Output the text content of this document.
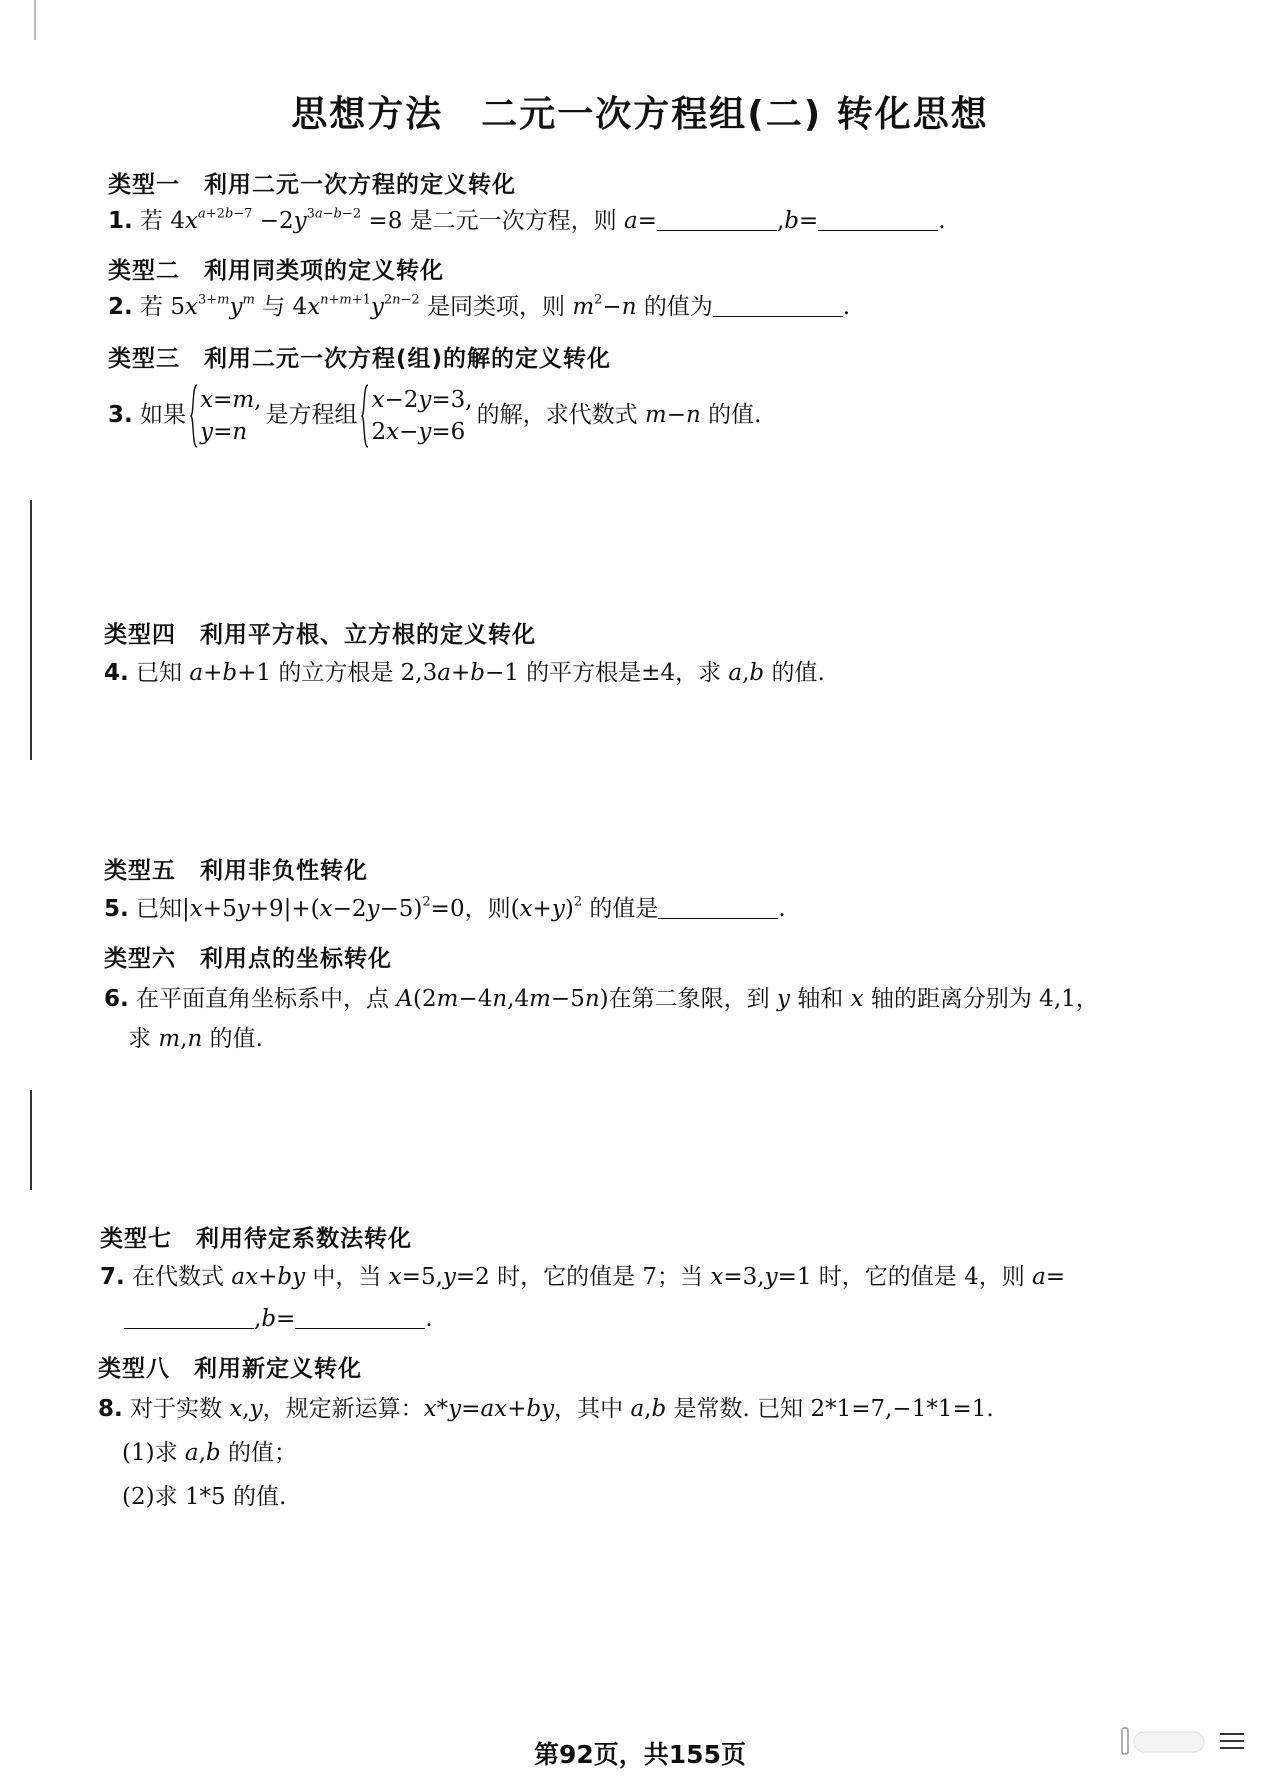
思想方法　二元一次方程组(二) 转化思想
类型一　利用二元一次方程的定义转化
1. 若 $4x^{a+2b-7} -2y^{3a-b-2} =8$ 是二元一次方程，则 a=	,b=	.
类型二　利用同类项的定义转化
2. 若 $5x^{3+m}y^m$ 与 $4x^{n+m+1}y^{2n-2}$ 是同类项，则 $m^2-n$ 的值为	.
类型三　利用二元一次方程(组)的解的定义转化
3. 如果
x=m,
y=n
是方程组
x−2y=3,
2x−y=6
的解，求代数式 m−n 的值.
类型四　利用平方根、立方根的定义转化
4. 已知 a+b+1 的立方根是 2,3a+b−1 的平方根是±4，求 a,b 的值.
类型五　利用非负性转化
5. 已知$|x+5y+9|+(x-2y-5)^2=0$，则$(x+y)^2$ 的值是	.
类型六　利用点的坐标转化
6. 在平面直角坐标系中，点 A(2m−4n,4m−5n)在第二象限，到 y 轴和 x 轴的距离分别为 4,1，
求 m,n 的值.
类型七　利用待定系数法转化
7. 在代数式 ax+by 中，当 x=5,y=2 时，它的值是 7；当 x=3,y=1 时，它的值是 4，则 a=
,b=	.
类型八　利用新定义转化
8. 对于实数 x,y，规定新运算：x*y=ax+by，其中 a,b 是常数. 已知 2*1=7,−1*1=1.
(1)求 a,b 的值；
(2)求 1*5 的值.
第92页，共155页
